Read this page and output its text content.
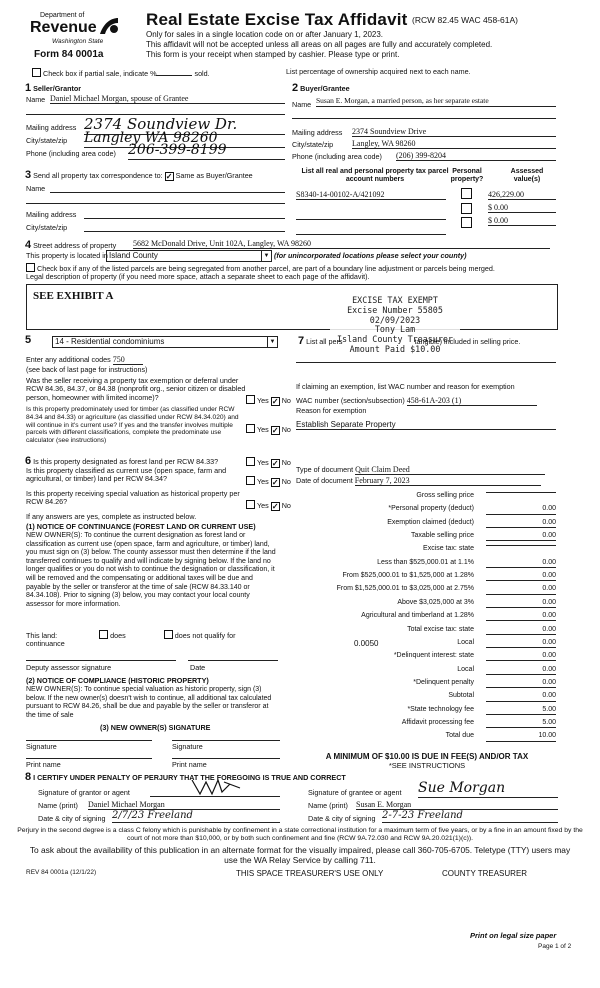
Department of
Revenue
Washington State
Form 84 0001a
Real Estate Excise Tax Affidavit (RCW 82.45 WAC 458-61A)
Only for sales in a single location code on or after January 1, 2023.
This affidavit will not be accepted unless all areas on all pages are fully and accurately completed.
This form is your receipt when stamped by cashier. Please type or print.
Check box if partial sale, indicate %	sold.	List percentage of ownership acquired next to each name.
1 Seller/Grantor
Name Daniel Michael Morgan, spouse of Grantee
Mailing address 2374 Soundview Dr.
City/state/zip Langley WA 98260
Phone (including area code) 206-399-8199
2 Buyer/Grantee
Name Susan E. Morgan, a married person, as her separate estate
Mailing address 2374 Soundview Drive
City/state/zip Langley, WA 98260
Phone (including area code) (206) 399-8204
3 Send all property tax correspondence to: ✓ Same as Buyer/Grantee
Name
Mailing address
City/state/zip
List all real and personal property tax parcel account numbers
Personal property?
Assessed value(s)
S8340-14-00102-A/421092	426,229.00
$ 0.00
$ 0.00
4 Street address of property 5682 McDonald Drive, Unit 102A, Langley, WA 98260
This property is located in Island County	▼ (for unincorporated locations please select your county)
Check box if any of the listed parcels are being segregated from another parcel, are part of a boundary line adjustment or parcels being merged.
Legal description of property (if you need more space, attach a separate sheet to each page of the affidavit).
SEE EXHIBIT A	EXCISE TAX EXEMPT
Excise Number 55805
02/09/2023
Tony Lam
Island County Treasurer
Amount Paid $10.00
5	14 - Residential condominiums	▼
Enter any additional codes 750
(see back of last page for instructions)
Was the seller receiving a property tax exemption or deferral under RCW 84.36, 84.37, or 84.38 (nonprofit org., senior citizen or disabled person, homeowner with limited income)?	Yes ✓ No
Is this property predominately used for timber (as classified under RCW 84.34 and 84.33) or agriculture (as classified under RCW 84.34.020) and will continue in it's current use? If yes and the transfer involves multiple parcels with different classifications, complete the predominate use calculator (see instructions)
Yes ✓ No
7 List all pers	tangible) included in selling price.
If claiming an exemption, list WAC number and reason for exemption
WAC number (section/subsection) 458-61A-203 (1)
Reason for exemption
Establish Separate Property
6 Is this property designated as forest land per RCW 84.33?	Yes ✓ No
Is this property classified as current use (open space, farm and agricultural, or timber) land per RCW 84.34?	Yes ✓ No
Is this property receiving special valuation as historical property per RCW 84.26?	Yes ✓ No
If any answers are yes, complete as instructed below.
(1) NOTICE OF CONTINUANCE (FOREST LAND OR CURRENT USE)
NEW OWNER(S): To continue the current designation as forest land or classification as current use (open space, farm and agriculture, or timber) land, you must sign on (3) below. The county assessor must then determine if the land transferred continues to qualify and will indicate by signing below. If the land no longer qualifies or you do not wish to continue the designation or classification, it will be removed and the compensating or additional taxes will be due and payable by the seller or transferor at the time of sale (RCW 84.33.140 or 84.34.108). Prior to signing (3) below, you may contact your local county assessor for more information.
This land:	does	does not qualify for
continuance
Deputy assessor signature	Date
(2) NOTICE OF COMPLIANCE (HISTORIC PROPERTY)
NEW OWNER(S): To continue special valuation as historic property, sign (3) below. If the new owner(s) doesn't wish to continue, all additional tax calculated pursuant to RCW 84.26, shall be due and payable by the seller or transferor at the time of sale
(3) NEW OWNER(S) SIGNATURE
Signature	Signature
Print name	Print name
Type of document Quit Claim Deed
Date of document February 7, 2023
Gross selling price
*Personal property (deduct)	0.00
Exemption claimed (deduct)	0.00
Taxable selling price	0.00
Excise tax: state
Less than $525,000.01 at 1.1%	0.00
From $525,000.01 to $1,525,000 at 1.28%	0.00
From $1,525,000.01 to $3,025,000 at 2.75%	0.00
Above $3,025,000 at 3%	0.00
Agricultural and timberland at 1.28%	0.00
Total excise tax: state	0.00
Local
0.0050	0.00
*Delinquent interest: state	0.00
Local	0.00
*Delinquent penalty	0.00
Subtotal	0.00
*State technology fee	5.00
Affidavit processing fee	5.00
Total due	10.00
A MINIMUM OF $10.00 IS DUE IN FEE(S) AND/OR TAX
*SEE INSTRUCTIONS
8 I CERTIFY UNDER PENALTY OF PERJURY THAT THE FOREGOING IS TRUE AND CORRECT
Signature of grantor or agent
Name (print) Daniel Michael Morgan
Date & city of signing 2/7/23 Freeland
Signature of grantee or agent Sue Morgan
Name (print) Susan E. Morgan
Date & city of signing 2-7-23 Freeland
Perjury in the second degree is a class C felony which is punishable by confinement in a state correctional institution for a maximum term of five years, or by a fine in an amount fixed by the court of not more than $10,000, or by both such confinement and fine (RCW 9A.72.030 and RCW 9A.20.021(1)(c)).
To ask about the availability of this publication in an alternate format for the visually impaired, please call 360-705-6705. Teletype (TTY) users may use the WA Relay Service by calling 711.
REV 84 0001a (12/1/22)	THIS SPACE TREASURER'S USE ONLY	COUNTY TREASURER
Print on legal size paper
Page 1 of 2
